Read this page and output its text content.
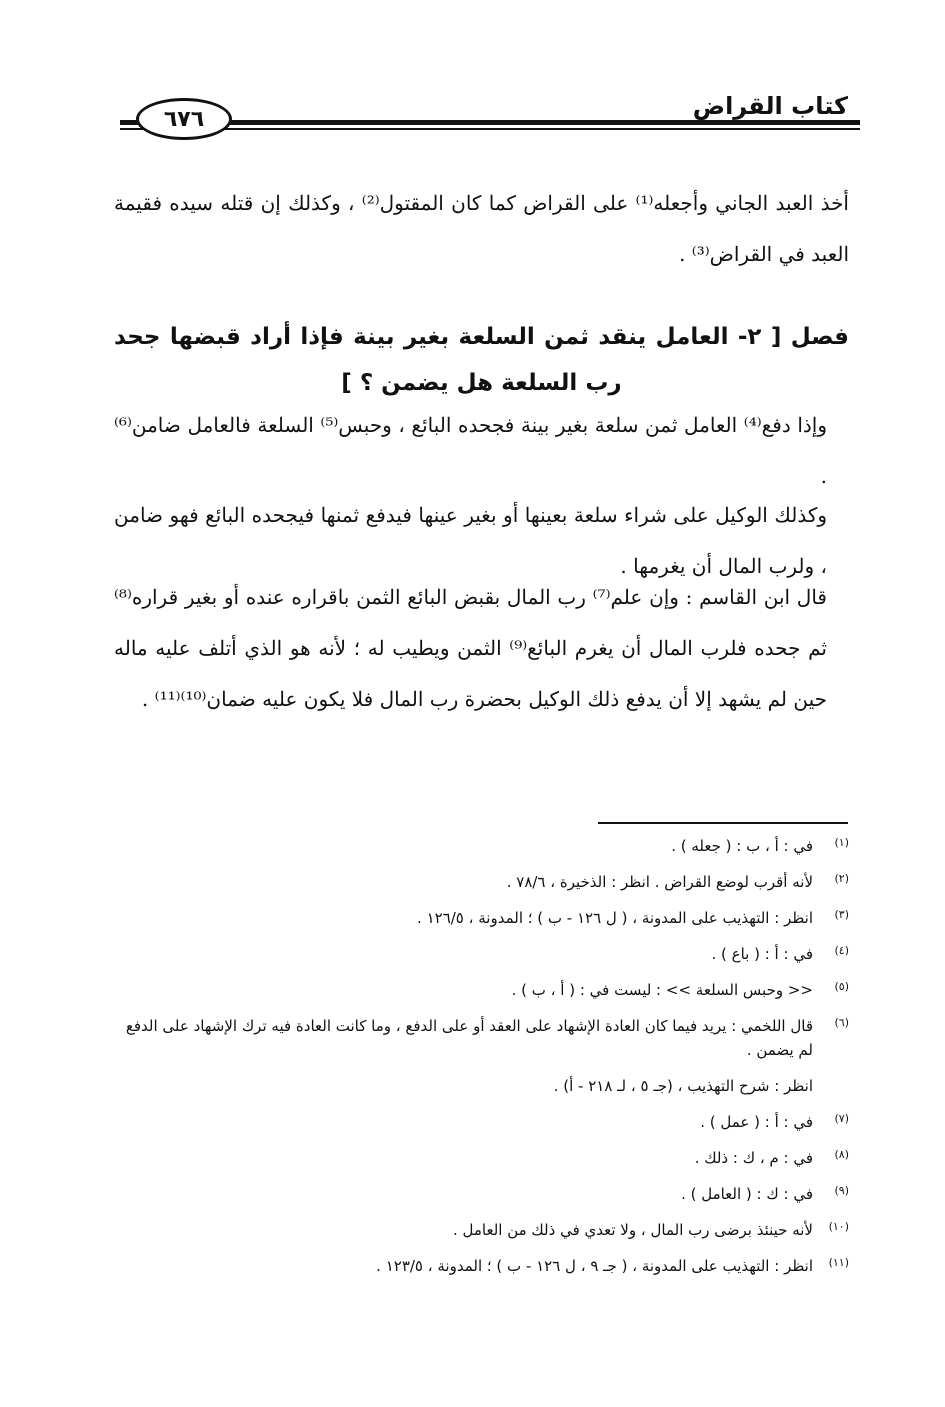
كتاب القراض
٦٧٦

أخذ العبد الجاني وأجعله⁽¹⁾ على القراض كما كان المقتول⁽²⁾ ، وكذلك إن قتله سيده فقيمة العبد في القراض⁽³⁾ .

فصل [ ٢- العامل ينقد ثمن السلعة بغير بينة فإذا أراد قبضها جحد رب السلعة هل يضمن ؟ ]

وإذا دفع⁽⁴⁾ العامل ثمن سلعة بغير بينة فجحده البائع ، وحبس⁽⁵⁾ السلعة فالعامل ضامن⁽⁶⁾ .

وكذلك الوكيل على شراء سلعة بعينها أو بغير عينها فيدفع ثمنها فيجحده البائع فهو ضامن ، ولرب المال أن يغرمها .

قال ابن القاسم : وإن علم⁽⁷⁾ رب المال بقبض البائع الثمن باقراره عنده أو بغير قراره⁽⁸⁾ ثم جحده فلرب المال أن يغرم البائع⁽⁹⁾ الثمن ويطيب له ؛ لأنه هو الذي أتلف عليه ماله حين لم يشهد إلا أن يدفع ذلك الوكيل بحضرة رب المال فلا يكون عليه ضمان⁽¹⁰⁾⁽¹¹⁾ .

(١)
في : أ ، ب : ( جعله ) .
(٢)
لأنه أقرب لوضع القراض . انظر : الذخيرة ، ٧٨/٦ .
(٣)
انظر : التهذيب على المدونة ، ( ل ١٢٦ - ب ) ؛ المدونة ، ١٢٦/٥ .
(٤)
في : أ : ( باع ) .
(٥)
<< وحبس السلعة >> : ليست في : ( أ ، ب ) .
(٦)
قال اللخمي : يريد فيما كان العادة الإشهاد على العقد أو على الدفع ، وما كانت العادة فيه ترك الإشهاد على الدفع لم يضمن .
انظر : شرح التهذيب ، (جـ ٥ ، لـ ٢١٨ - أ) .
(٧)
في : أ : ( عمل ) .
(٨)
في : م ، ك : ذلك .
(٩)
في : ك : ( العامل ) .
(١٠)
لأنه حينئذ برضى رب المال ، ولا تعدي في ذلك من العامل .
(١١)
انظر : التهذيب على المدونة ، ( جـ ٩ ، ل ١٢٦ - ب ) ؛ المدونة ، ١٢٣/٥ .
